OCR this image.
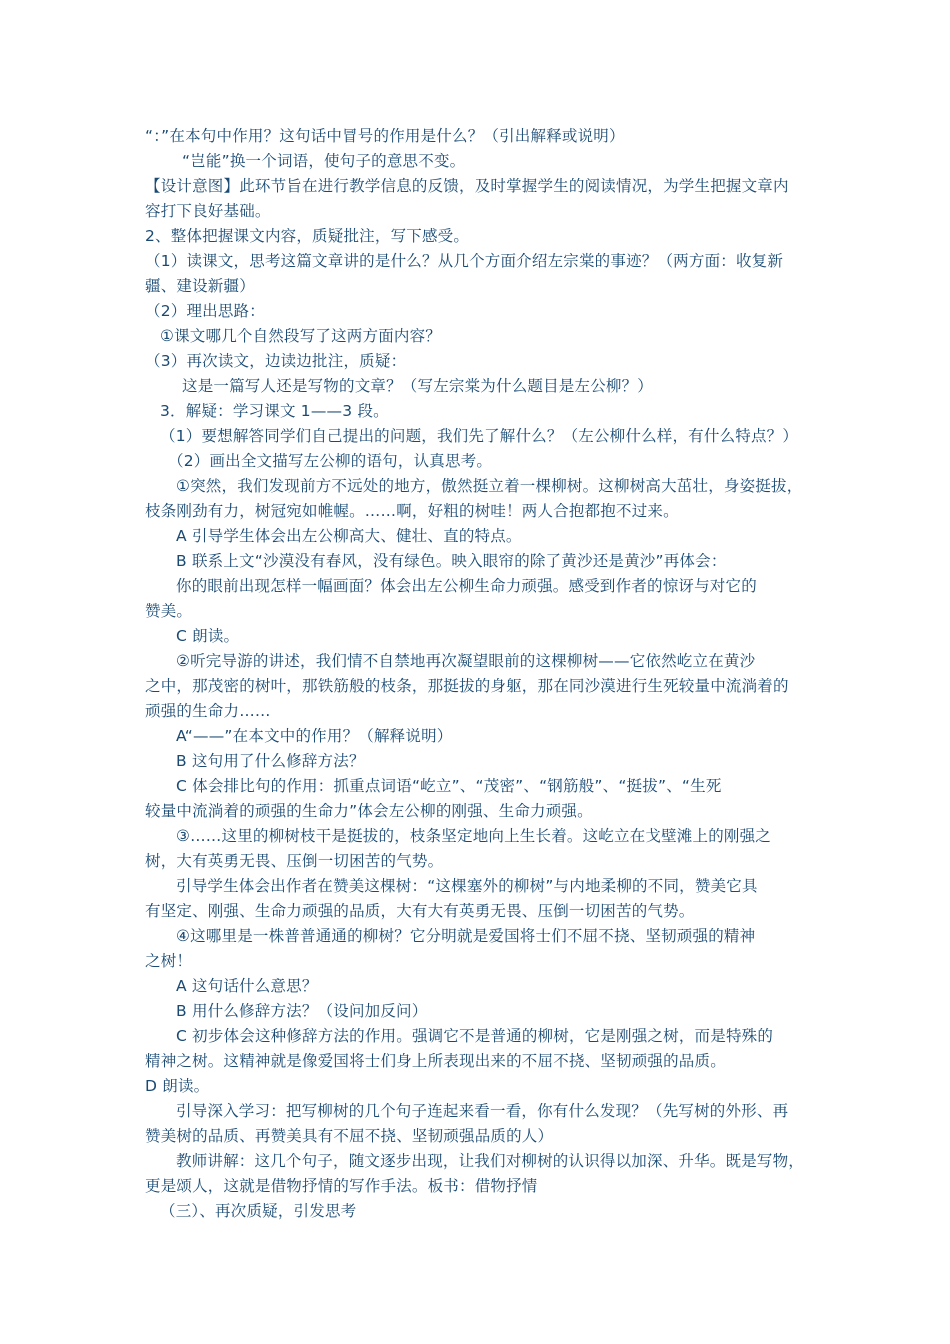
“：”在本句中作用？这句话中冒号的作用是什么？（引出解释或说明）
“岂能”换一个词语，使句子的意思不变。
【设计意图】此环节旨在进行教学信息的反馈，及时掌握学生的阅读情况，为学生把握文章内
容打下良好基础。
2、整体把握课文内容，质疑批注，写下感受。
（1）读课文，思考这篇文章讲的是什么？从几个方面介绍左宗棠的事迹？（两方面：收复新
疆、建设新疆）
（2）理出思路：
①课文哪几个自然段写了这两方面内容？
（3）再次读文，边读边批注，质疑：
这是一篇写人还是写物的文章？（写左宗棠为什么题目是左公柳？）
3．解疑：学习课文 1——3 段。
（1）要想解答同学们自己提出的问题，我们先了解什么？（左公柳什么样，有什么特点？）
（2）画出全文描写左公柳的语句，认真思考。
①突然，我们发现前方不远处的地方，傲然挺立着一棵柳树。这柳树高大茁壮，身姿挺拔，
枝条刚劲有力，树冠宛如帷幄。……啊，好粗的树哇！两人合抱都抱不过来。
A 引导学生体会出左公柳高大、健壮、直的特点。
B 联系上文“沙漠没有春风，没有绿色。映入眼帘的除了黄沙还是黄沙”再体会：
你的眼前出现怎样一幅画面？体会出左公柳生命力顽强。感受到作者的惊讶与对它的
赞美。
C 朗读。
②听完导游的讲述，我们情不自禁地再次凝望眼前的这棵柳树——它依然屹立在黄沙
之中，那茂密的树叶，那铁筋般的枝条，那挺拔的身躯，那在同沙漠进行生死较量中流淌着的
顽强的生命力……
A“——”在本文中的作用？（解释说明）
B 这句用了什么修辞方法？
C 体会排比句的作用：抓重点词语“屹立”、“茂密”、“钢筋般”、“挺拔”、“生死
较量中流淌着的顽强的生命力”体会左公柳的刚强、生命力顽强。
③……这里的柳树枝干是挺拔的，枝条坚定地向上生长着。这屹立在戈壁滩上的刚强之
树，大有英勇无畏、压倒一切困苦的气势。
引导学生体会出作者在赞美这棵树：“这棵塞外的柳树”与内地柔柳的不同，赞美它具
有坚定、刚强、生命力顽强的品质，大有大有英勇无畏、压倒一切困苦的气势。
④这哪里是一株普普通通的柳树？它分明就是爱国将士们不屈不挠、坚韧顽强的精神
之树！
A 这句话什么意思？
B 用什么修辞方法？（设问加反问）
C 初步体会这种修辞方法的作用。强调它不是普通的柳树，它是刚强之树，而是特殊的
精神之树。这精神就是像爱国将士们身上所表现出来的不屈不挠、坚韧顽强的品质。
D 朗读。
引导深入学习：把写柳树的几个句子连起来看一看，你有什么发现？（先写树的外形、再
赞美树的品质、再赞美具有不屈不挠、坚韧顽强品质的人）
教师讲解：这几个句子，随文逐步出现，让我们对柳树的认识得以加深、升华。既是写物，
更是颂人，这就是借物抒情的写作手法。板书：借物抒情
（三）、再次质疑，引发思考
